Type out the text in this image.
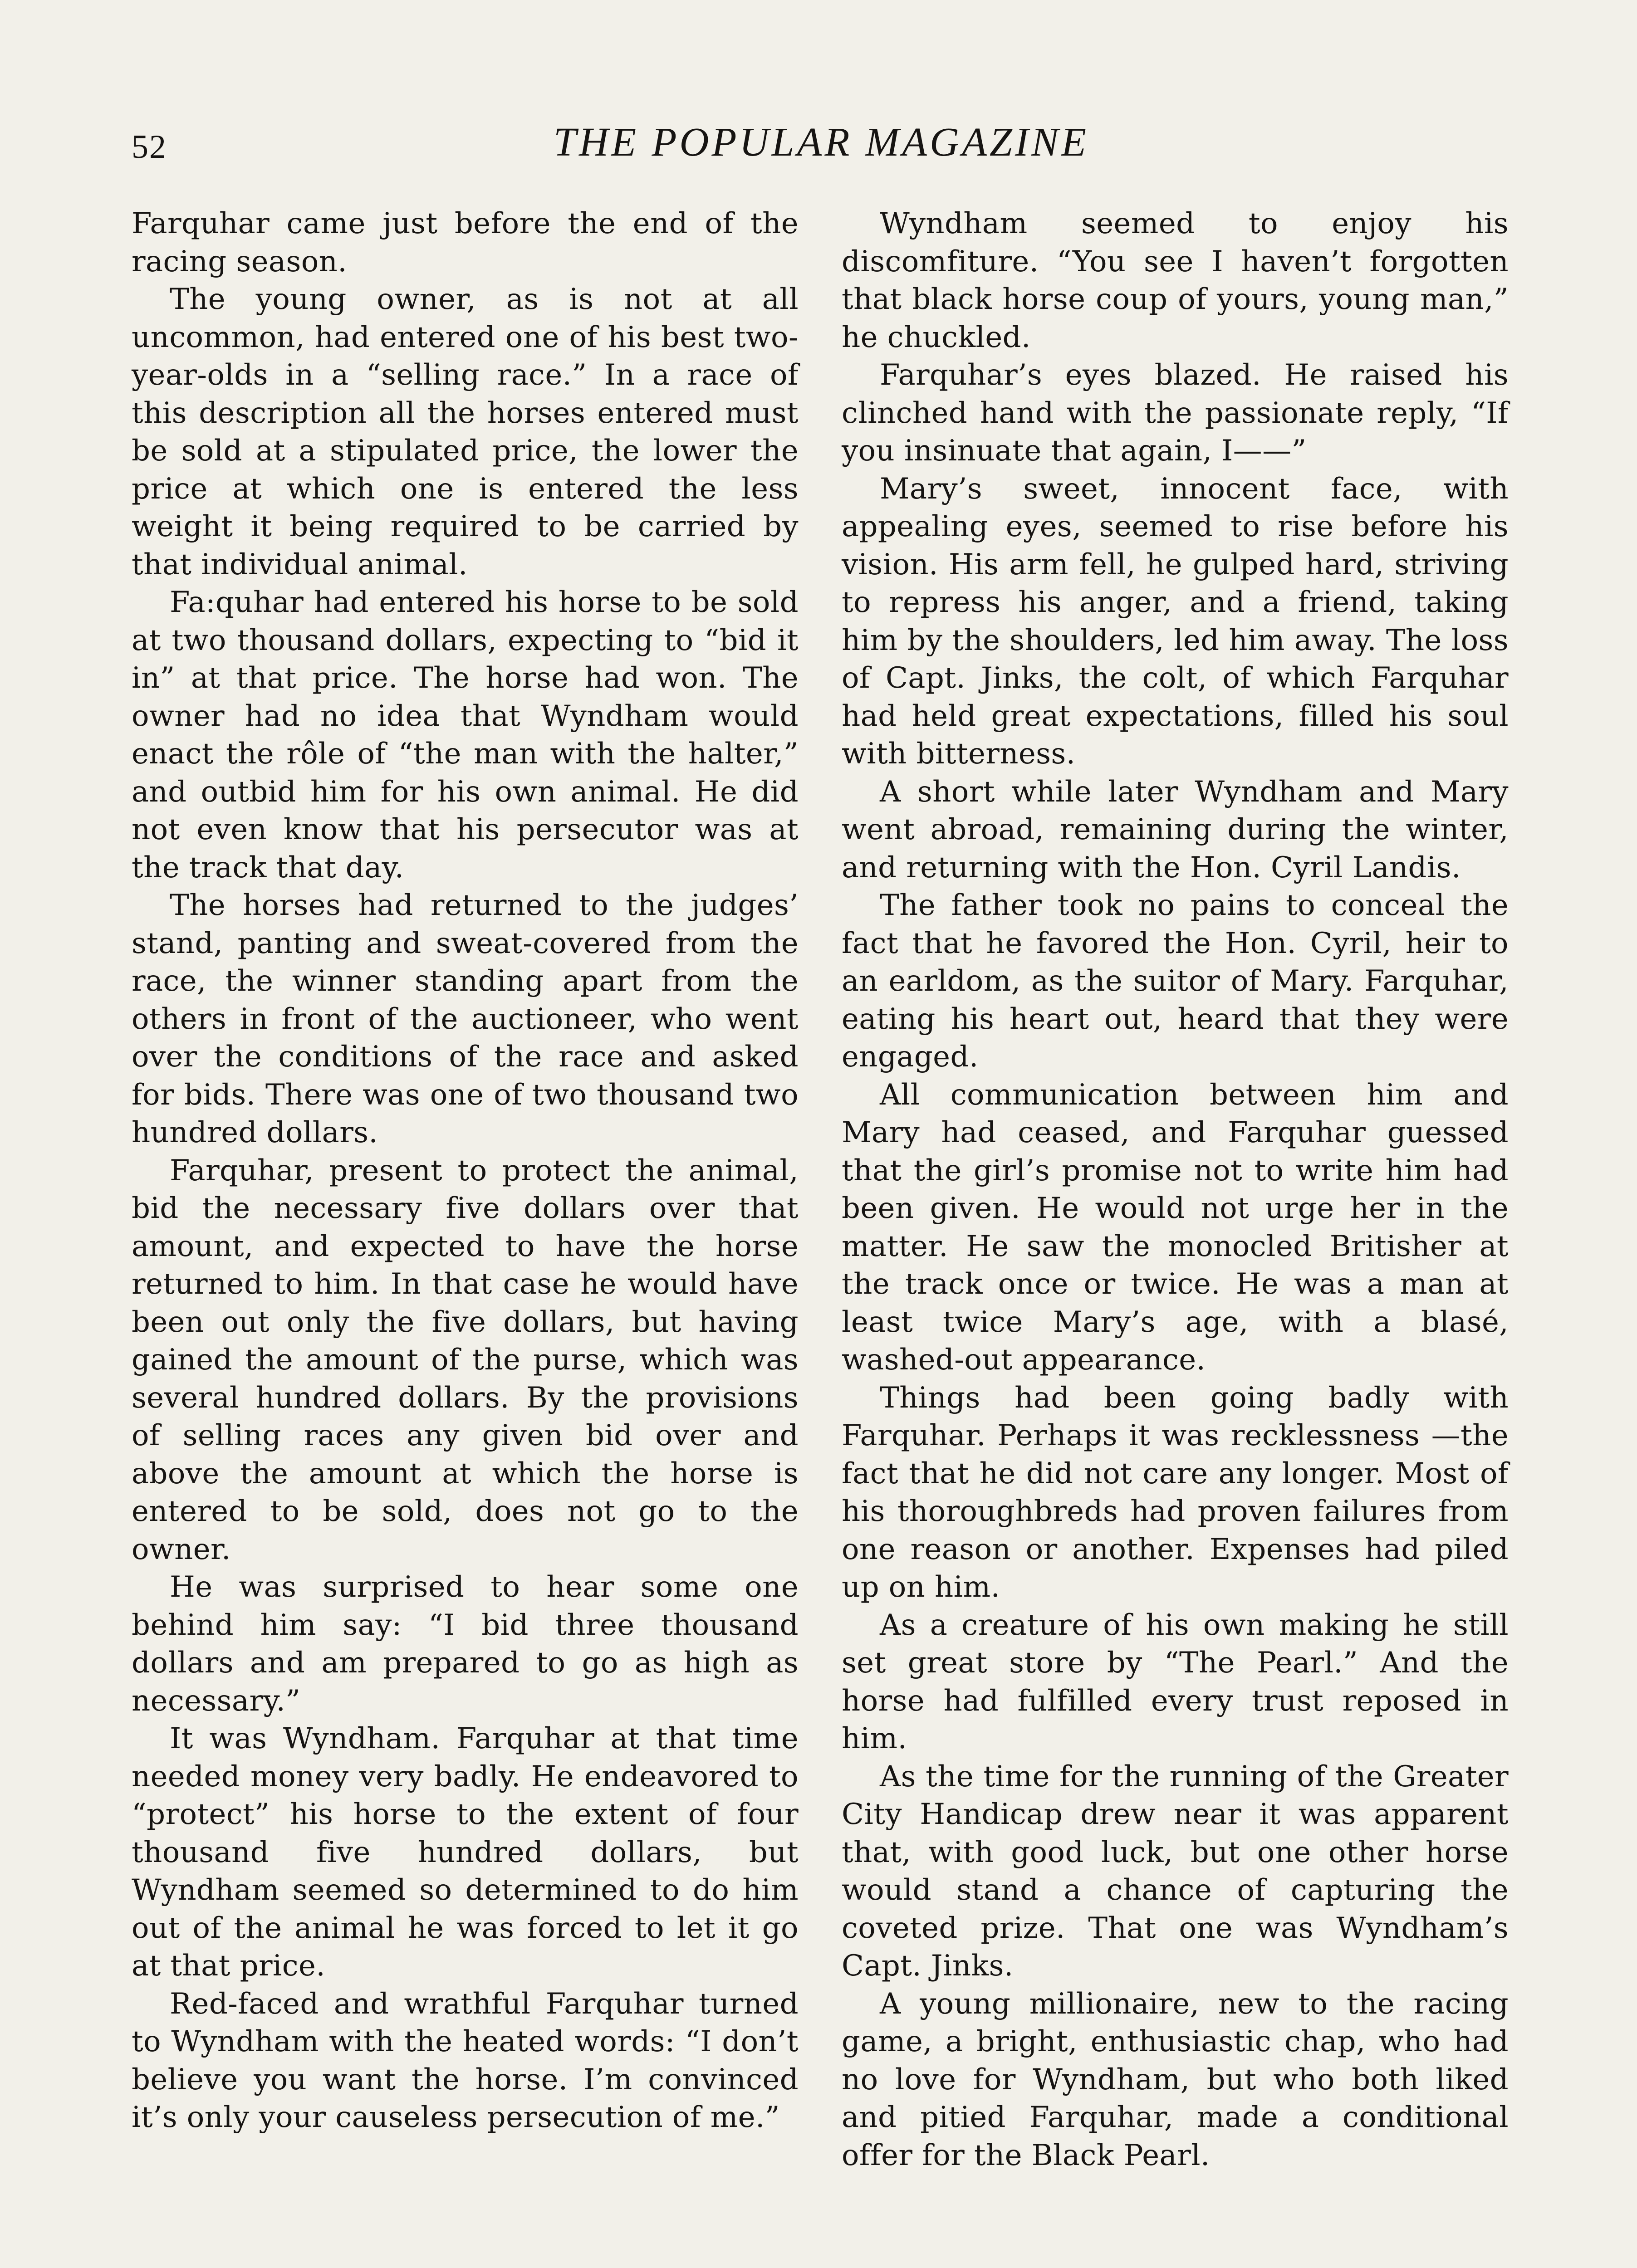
52	THE POPULAR MAGAZINE

Farquhar came just before the end of the racing season.

The young owner, as is not at all uncommon, had entered one of his best two-year-olds in a “selling race.” In a race of this description all the horses entered must be sold at a stipulated price, the lower the price at which one is entered the less weight it being required to be carried by that individual animal.

Fa:quhar had entered his horse to be sold at two thousand dollars, expecting to “bid it in” at that price. The horse had won. The owner had no idea that Wyndham would enact the rôle of “the man with the halter,” and outbid him for his own animal. He did not even know that his persecutor was at the track that day.

The horses had returned to the judges’ stand, panting and sweat-covered from the race, the winner standing apart from the others in front of the auctioneer, who went over the conditions of the race and asked for bids. There was one of two thousand two hundred dollars.

Farquhar, present to protect the animal, bid the necessary five dollars over that amount, and expected to have the horse returned to him. In that case he would have been out only the five dollars, but having gained the amount of the purse, which was several hundred dollars. By the provisions of selling races any given bid over and above the amount at which the horse is entered to be sold, does not go to the owner.

He was surprised to hear some one behind him say: “I bid three thousand dollars and am prepared to go as high as necessary.”

It was Wyndham. Farquhar at that time needed money very badly. He endeavored to “protect” his horse to the extent of four thousand five hundred dollars, but Wyndham seemed so determined to do him out of the animal he was forced to let it go at that price.

Red-faced and wrathful Farquhar turned to Wyndham with the heated words: “I don’t believe you want the horse. I’m convinced it’s only your causeless persecution of me.”

Wyndham seemed to enjoy his discomfiture. “You see I haven’t forgotten that black horse coup of yours, young man,” he chuckled.

Farquhar’s eyes blazed. He raised his clinched hand with the passionate reply, “If you insinuate that again, I——”

Mary’s sweet, innocent face, with appealing eyes, seemed to rise before his vision. His arm fell, he gulped hard, striving to repress his anger, and a friend, taking him by the shoulders, led him away. The loss of Capt. Jinks, the colt, of which Farquhar had held great expectations, filled his soul with bitterness.

A short while later Wyndham and Mary went abroad, remaining during the winter, and returning with the Hon. Cyril Landis.

The father took no pains to conceal the fact that he favored the Hon. Cyril, heir to an earldom, as the suitor of Mary. Farquhar, eating his heart out, heard that they were engaged.

All communication between him and Mary had ceased, and Farquhar guessed that the girl’s promise not to write him had been given. He would not urge her in the matter. He saw the monocled Britisher at the track once or twice. He was a man at least twice Mary’s age, with a blasé, washed-out appearance.

Things had been going badly with Farquhar. Perhaps it was recklessness —the fact that he did not care any longer. Most of his thoroughbreds had proven failures from one reason or another. Expenses had piled up on him.

As a creature of his own making he still set great store by “The Pearl.” And the horse had fulfilled every trust reposed in him.

As the time for the running of the Greater City Handicap drew near it was apparent that, with good luck, but one other horse would stand a chance of capturing the coveted prize. That one was Wyndham’s Capt. Jinks.

A young millionaire, new to the racing game, a bright, enthusiastic chap, who had no love for Wyndham, but who both liked and pitied Farquhar, made a conditional offer for the Black Pearl.
